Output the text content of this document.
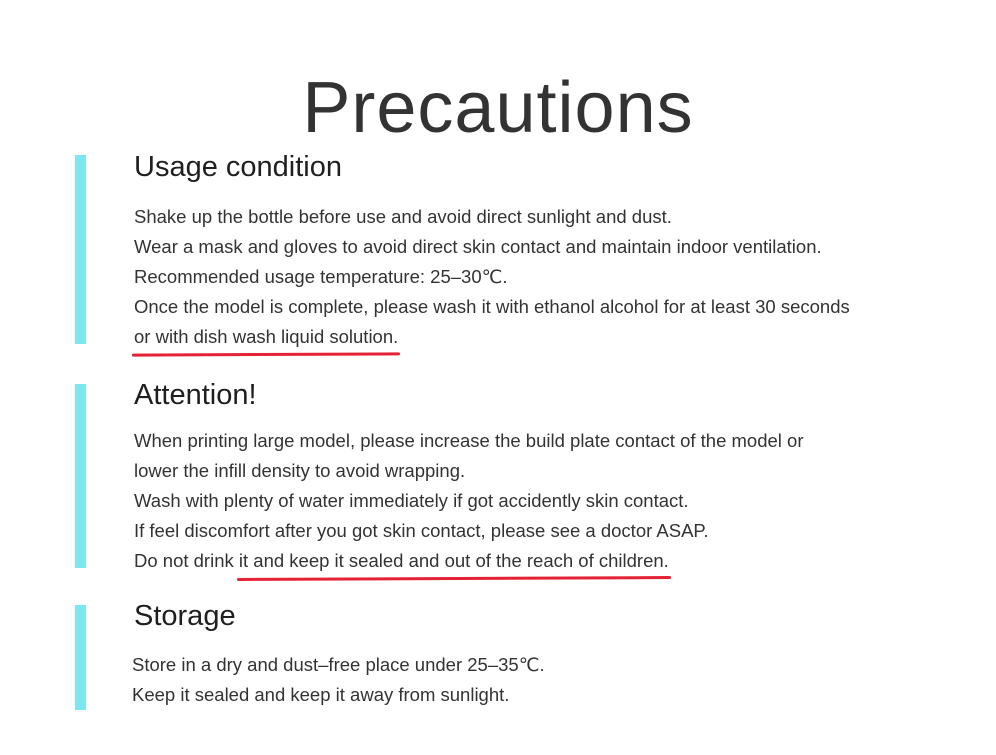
Precautions
Usage condition
Shake up the bottle before use and avoid direct sunlight and dust.
Wear a mask and gloves to avoid direct skin contact and maintain indoor ventilation.
Recommended usage temperature: 25–30℃.
Once the model is complete, please wash it with ethanol alcohol for at least 30 seconds
or with dish wash liquid solution.
Attention!
When printing large model, please increase the build plate contact of the model or
lower the infill density to avoid wrapping.
Wash with plenty of water immediately if got accidently skin contact.
If feel discomfort after you got skin contact, please see a doctor ASAP.
Do not drink it and keep it sealed and out of the reach of children.
Storage
Store in a dry and dust–free place under 25–35℃.
Keep it sealed and keep it away from sunlight.
